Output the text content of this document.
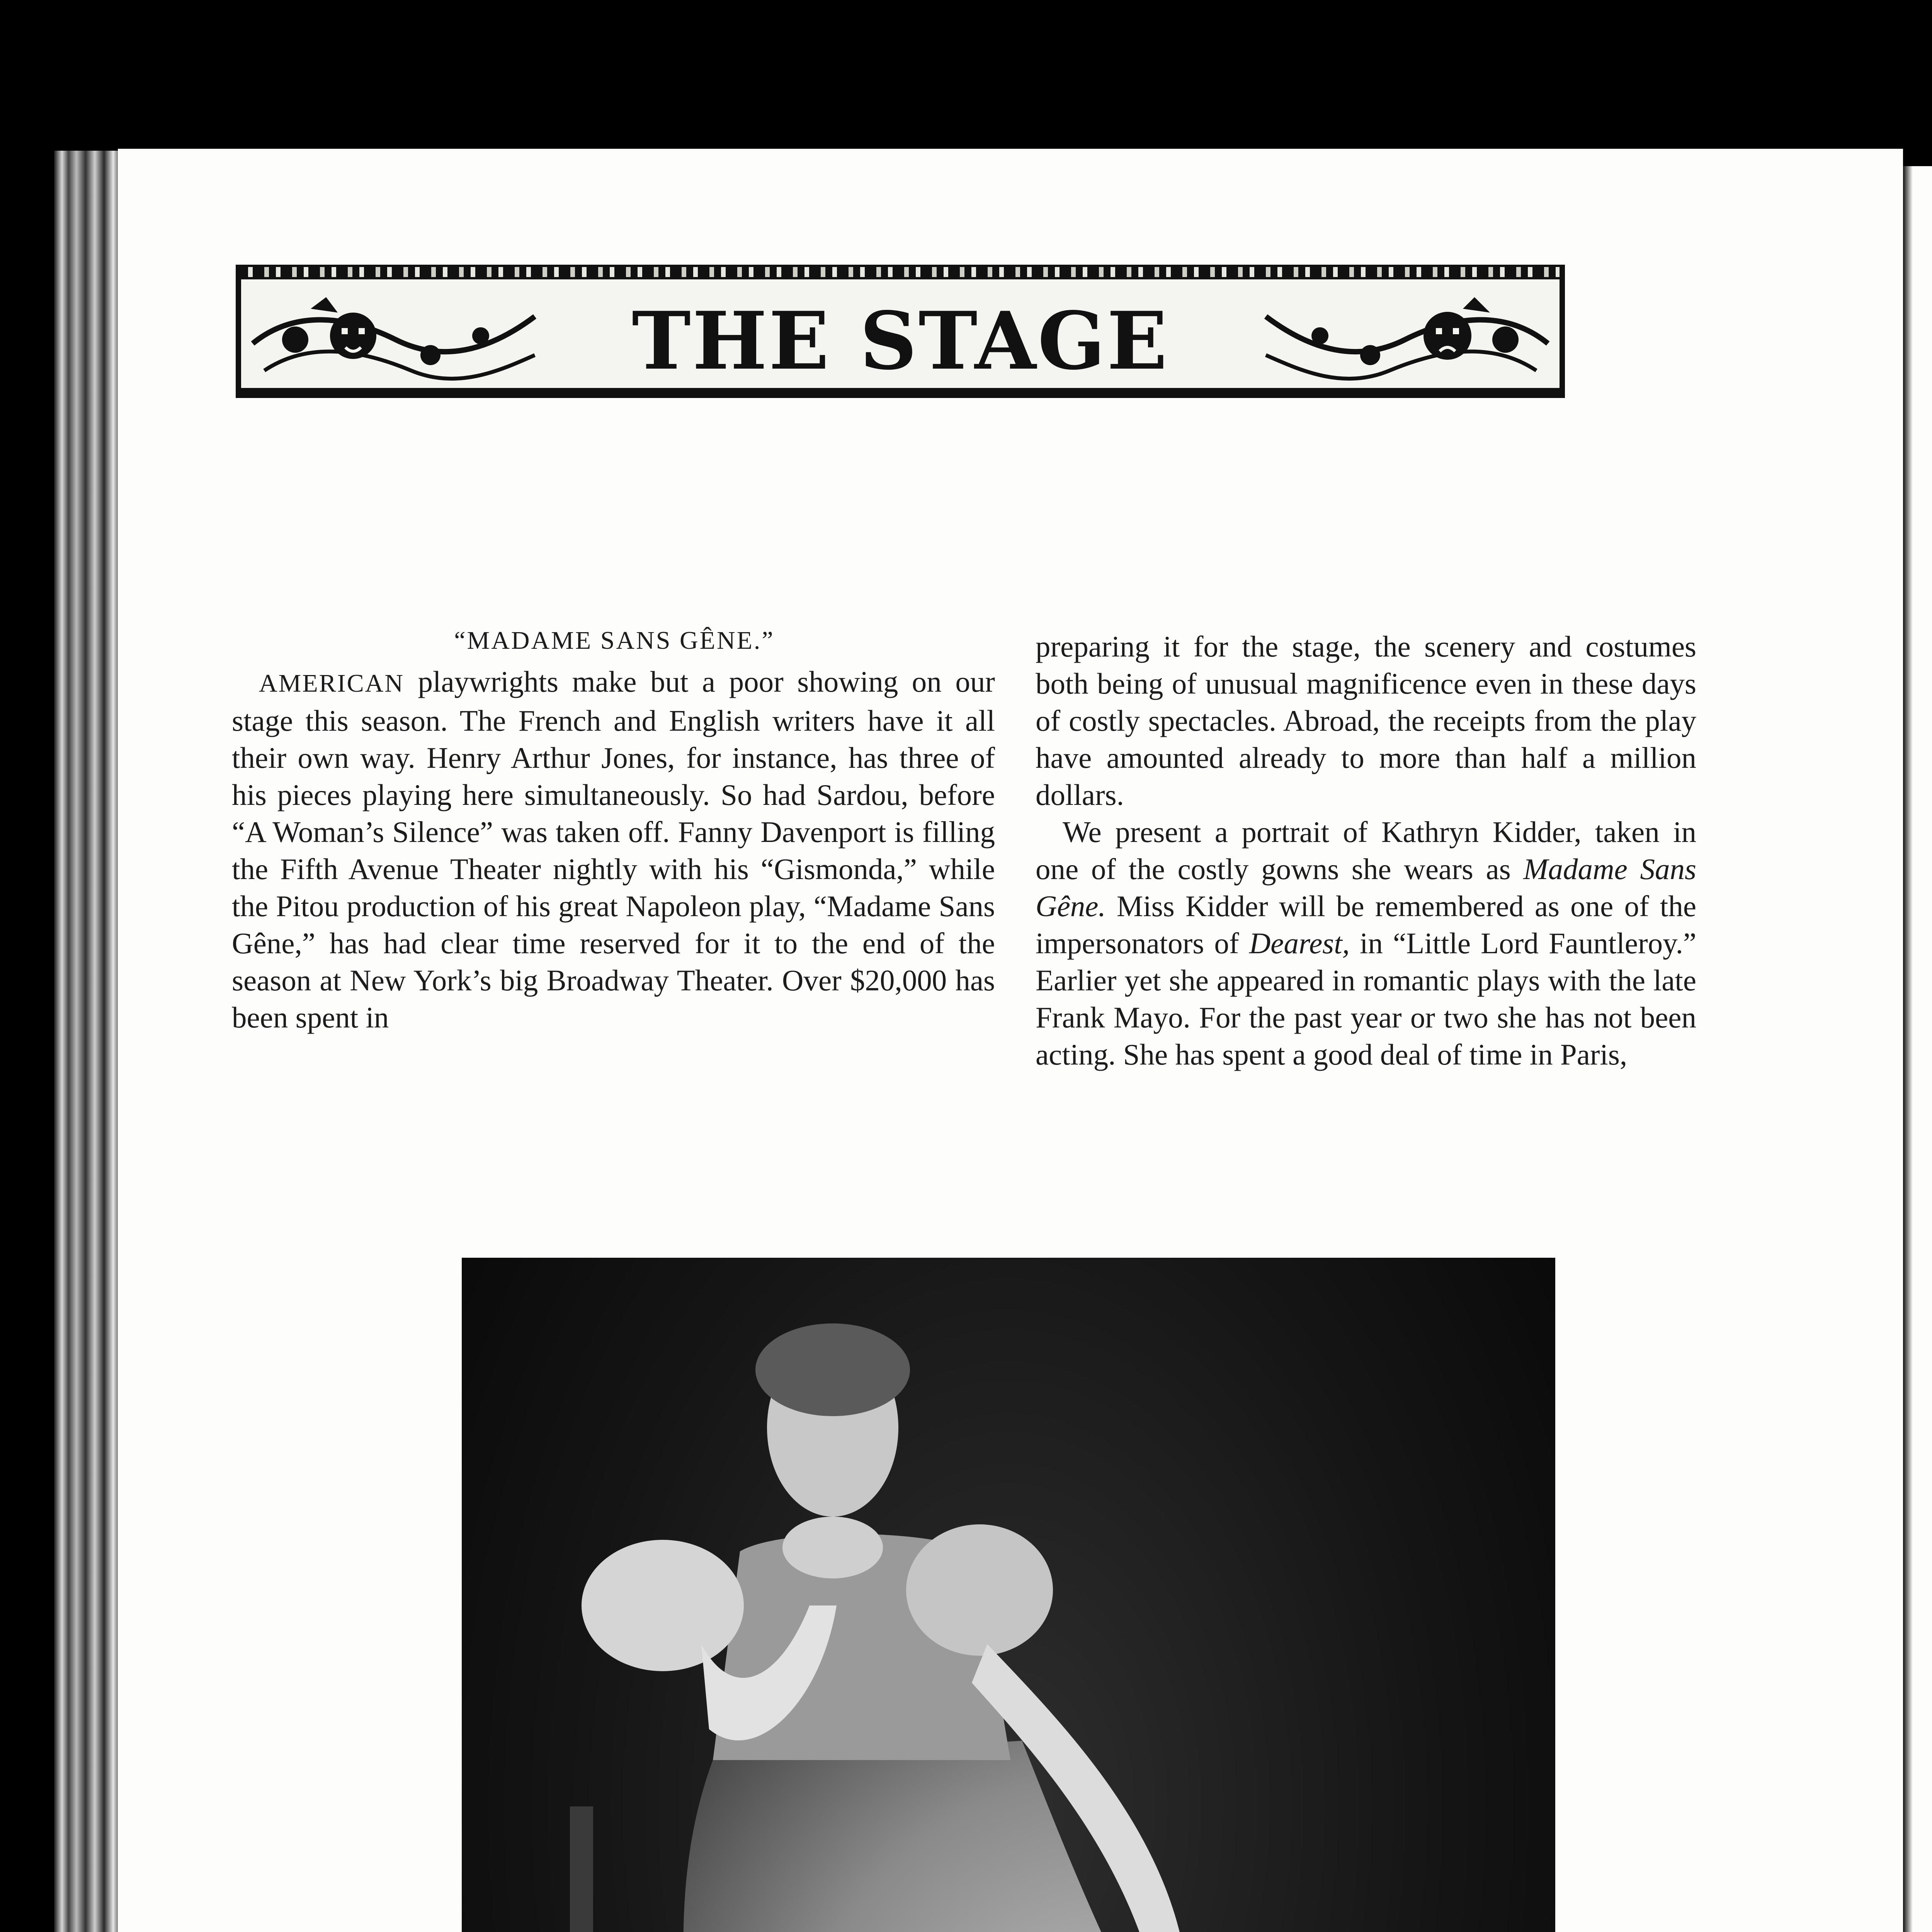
THE STAGE
“MADAME SANS GÊNE.”

AMERICAN playwrights make but a poor showing on our stage this season. The French and English writers have it all their own way. Henry Arthur Jones, for instance, has three of his pieces playing here simultaneously. So had Sardou, before “A Woman’s Silence” was taken off. Fanny Davenport is filling the Fifth Avenue Theater nightly with his “Gismonda,” while the Pitou production of his great Napoleon play, “Madame Sans Gêne,” has had clear time reserved for it to the end of the season at New York’s big Broadway Theater. Over $20,000 has been spent in

preparing it for the stage, the scenery and costumes both being of unusual magnificence even in these days of costly spectacles. Abroad, the receipts from the play have amounted already to more than half a million dollars.

We present a portrait of Kathryn Kidder, taken in one of the costly gowns she wears as Madame Sans Gêne. Miss Kidder will be remembered as one of the impersonators of Dearest, in “Little Lord Fauntleroy.” Earlier yet she appeared in romantic plays with the late Frank Mayo. For the past year or two she has not been acting. She has spent a good deal of time in Paris,
